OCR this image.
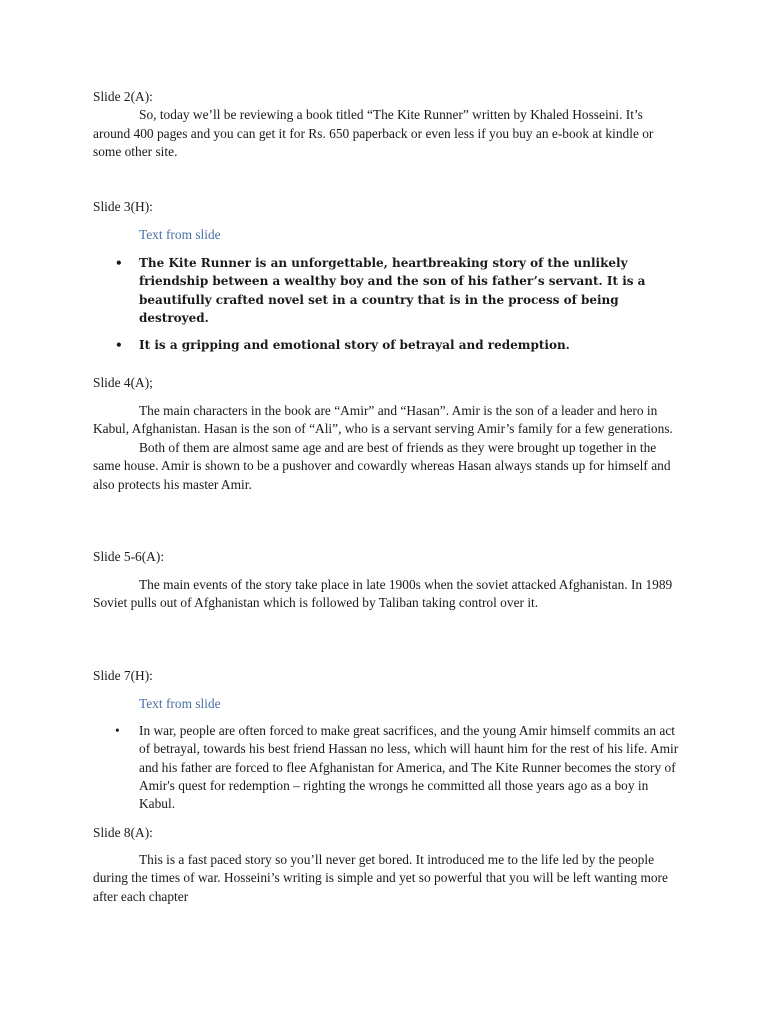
Slide 2(A):

So, today we’ll be reviewing a book titled “The Kite Runner” written by Khaled Hosseini. It’s around 400 pages and you can get it for Rs. 650 paperback or even less if you buy an e-book at kindle or some other site.

Slide 3(H):

Text from slide

• The Kite Runner is an unforgettable, heartbreaking story of the unlikely friendship between a wealthy boy and the son of his father’s servant. It is a beautifully crafted novel set in a country that is in the process of being destroyed.
• It is a gripping and emotional story of betrayal and redemption.

Slide 4(A);

The main characters in the book are “Amir” and “Hasan”. Amir is the son of a leader and hero in Kabul, Afghanistan. Hasan is the son of “Ali”, who is a servant serving Amir’s family for a few generations.

Both of them are almost same age and are best of friends as they were brought up together in the same house. Amir is shown to be a pushover and cowardly whereas Hasan always stands up for himself and also protects his master Amir.

Slide 5-6(A):

The main events of the story take place in late 1900s when the soviet attacked Afghanistan. In 1989 Soviet pulls out of Afghanistan which is followed by Taliban taking control over it.

Slide 7(H):

Text from slide

• In war, people are often forced to make great sacrifices, and the young Amir himself commits an act of betrayal, towards his best friend Hassan no less, which will haunt him for the rest of his life. Amir and his father are forced to flee Afghanistan for America, and The Kite Runner becomes the story of Amir's quest for redemption – righting the wrongs he committed all those years ago as a boy in Kabul.

Slide 8(A):

This is a fast paced story so you’ll never get bored. It introduced me to the life led by the people during the times of war. Hosseini’s writing is simple and yet so powerful that you will be left wanting more after each chapter
